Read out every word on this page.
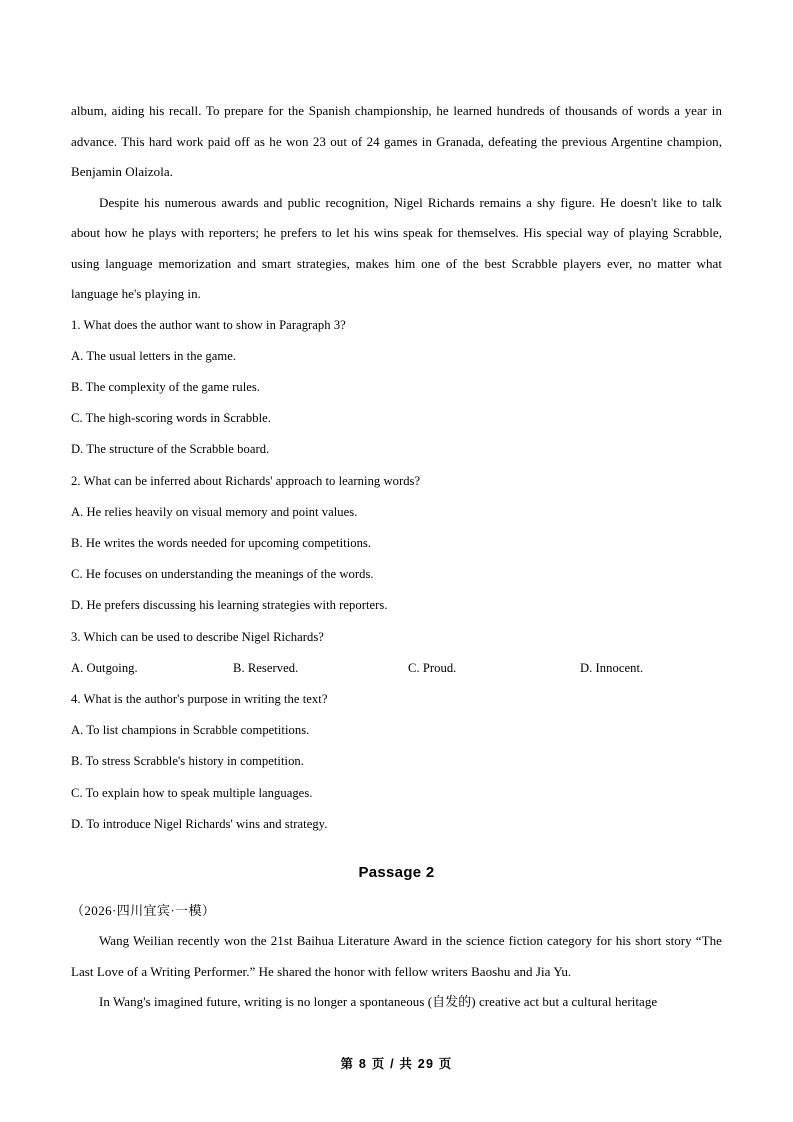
album, aiding his recall. To prepare for the Spanish championship, he learned hundreds of thousands of words a year in advance. This hard work paid off as he won 23 out of 24 games in Granada, defeating the previous Argentine champion, Benjamin Olaizola.

Despite his numerous awards and public recognition, Nigel Richards remains a shy figure. He doesn't like to talk about how he plays with reporters; he prefers to let his wins speak for themselves. His special way of playing Scrabble, using language memorization and smart strategies, makes him one of the best Scrabble players ever, no matter what language he's playing in.

1. What does the author want to show in Paragraph 3?

A. The usual letters in the game.

B. The complexity of the game rules.

C. The high-scoring words in Scrabble.

D. The structure of the Scrabble board.

2. What can be inferred about Richards' approach to learning words?

A. He relies heavily on visual memory and point values.

B. He writes the words needed for upcoming competitions.

C. He focuses on understanding the meanings of the words.

D. He prefers discussing his learning strategies with reporters.

3. Which can be used to describe Nigel Richards?

A. Outgoing.	B. Reserved.	C. Proud.	D. Innocent.

4. What is the author's purpose in writing the text?

A. To list champions in Scrabble competitions.

B. To stress Scrabble's history in competition.

C. To explain how to speak multiple languages.

D. To introduce Nigel Richards' wins and strategy.

Passage 2

（2026·四川宜宾·一模）

Wang Weilian recently won the 21st Baihua Literature Award in the science fiction category for his short story “The Last Love of a Writing Performer.” He shared the honor with fellow writers Baoshu and Jia Yu.

In Wang's imagined future, writing is no longer a spontaneous (自发的) creative act but a cultural heritage

第 8 页 / 共 29 页
